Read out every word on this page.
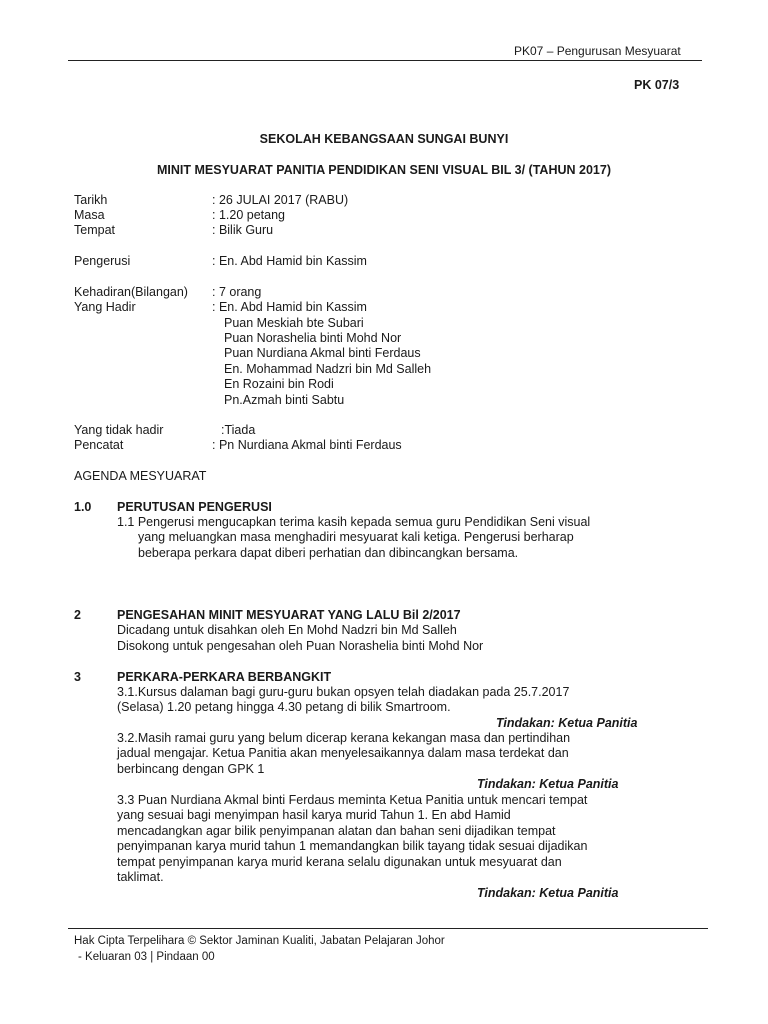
PK07 – Pengurusan Mesyuarat
PK 07/3
SEKOLAH KEBANGSAAN SUNGAI BUNYI
MINIT MESYUARAT PANITIA PENDIDIKAN SENI VISUAL BIL 3/ (TAHUN 2017)
Tarikh	: 26 JULAI 2017 (RABU)
Masa	: 1.20 petang
Tempat	: Bilik Guru
Pengerusi	: En. Abd Hamid bin Kassim
Kehadiran(Bilangan) : 7 orang
Yang Hadir	: En. Abd Hamid bin Kassim
Puan Meskiah bte Subari
Puan Norashelia binti Mohd Nor
Puan Nurdiana Akmal binti Ferdaus
En. Mohammad Nadzri bin Md Salleh
En Rozaini bin Rodi
Pn.Azmah binti Sabtu
Yang tidak hadir	:Tiada
Pencatat	: Pn Nurdiana Akmal binti Ferdaus
AGENDA MESYUARAT
1.0 PERUTUSAN PENGERUSI
1.1 Pengerusi mengucapkan terima kasih kepada semua guru Pendidikan Seni visual
yang meluangkan masa menghadiri mesyuarat kali ketiga. Pengerusi berharap
beberapa perkara dapat diberi perhatian dan dibincangkan bersama.
2	PENGESAHAN MINIT MESYUARAT YANG LALU Bil 2/2017
Dicadang untuk disahkan oleh En Mohd Nadzri bin Md Salleh
Disokong untuk pengesahan oleh Puan Norashelia binti Mohd Nor
3	PERKARA-PERKARA BERBANGKIT
3.1.Kursus dalaman bagi guru-guru bukan opsyen telah diadakan pada 25.7.2017
(Selasa) 1.20 petang hingga 4.30 petang di bilik Smartroom.
Tindakan: Ketua Panitia
3.2.Masih ramai guru yang belum dicerap kerana kekangan masa dan pertindihan
jadual mengajar. Ketua Panitia akan menyelesaikannya dalam masa terdekat dan
berbincang dengan GPK 1
Tindakan: Ketua Panitia
3.3 Puan Nurdiana Akmal binti Ferdaus meminta Ketua Panitia untuk mencari tempat
yang sesuai bagi menyimpan hasil karya murid Tahun 1. En abd Hamid
mencadangkan agar bilik penyimpanan alatan dan bahan seni dijadikan tempat
penyimpanan karya murid tahun 1 memandangkan bilik tayang tidak sesuai dijadikan
tempat penyimpanan karya murid kerana selalu digunakan untuk mesyuarat dan
taklimat.
Tindakan: Ketua Panitia
Hak Cipta Terpelihara © Sektor Jaminan Kualiti, Jabatan Pelajaran Johor
- Keluaran 03 | Pindaan 00
